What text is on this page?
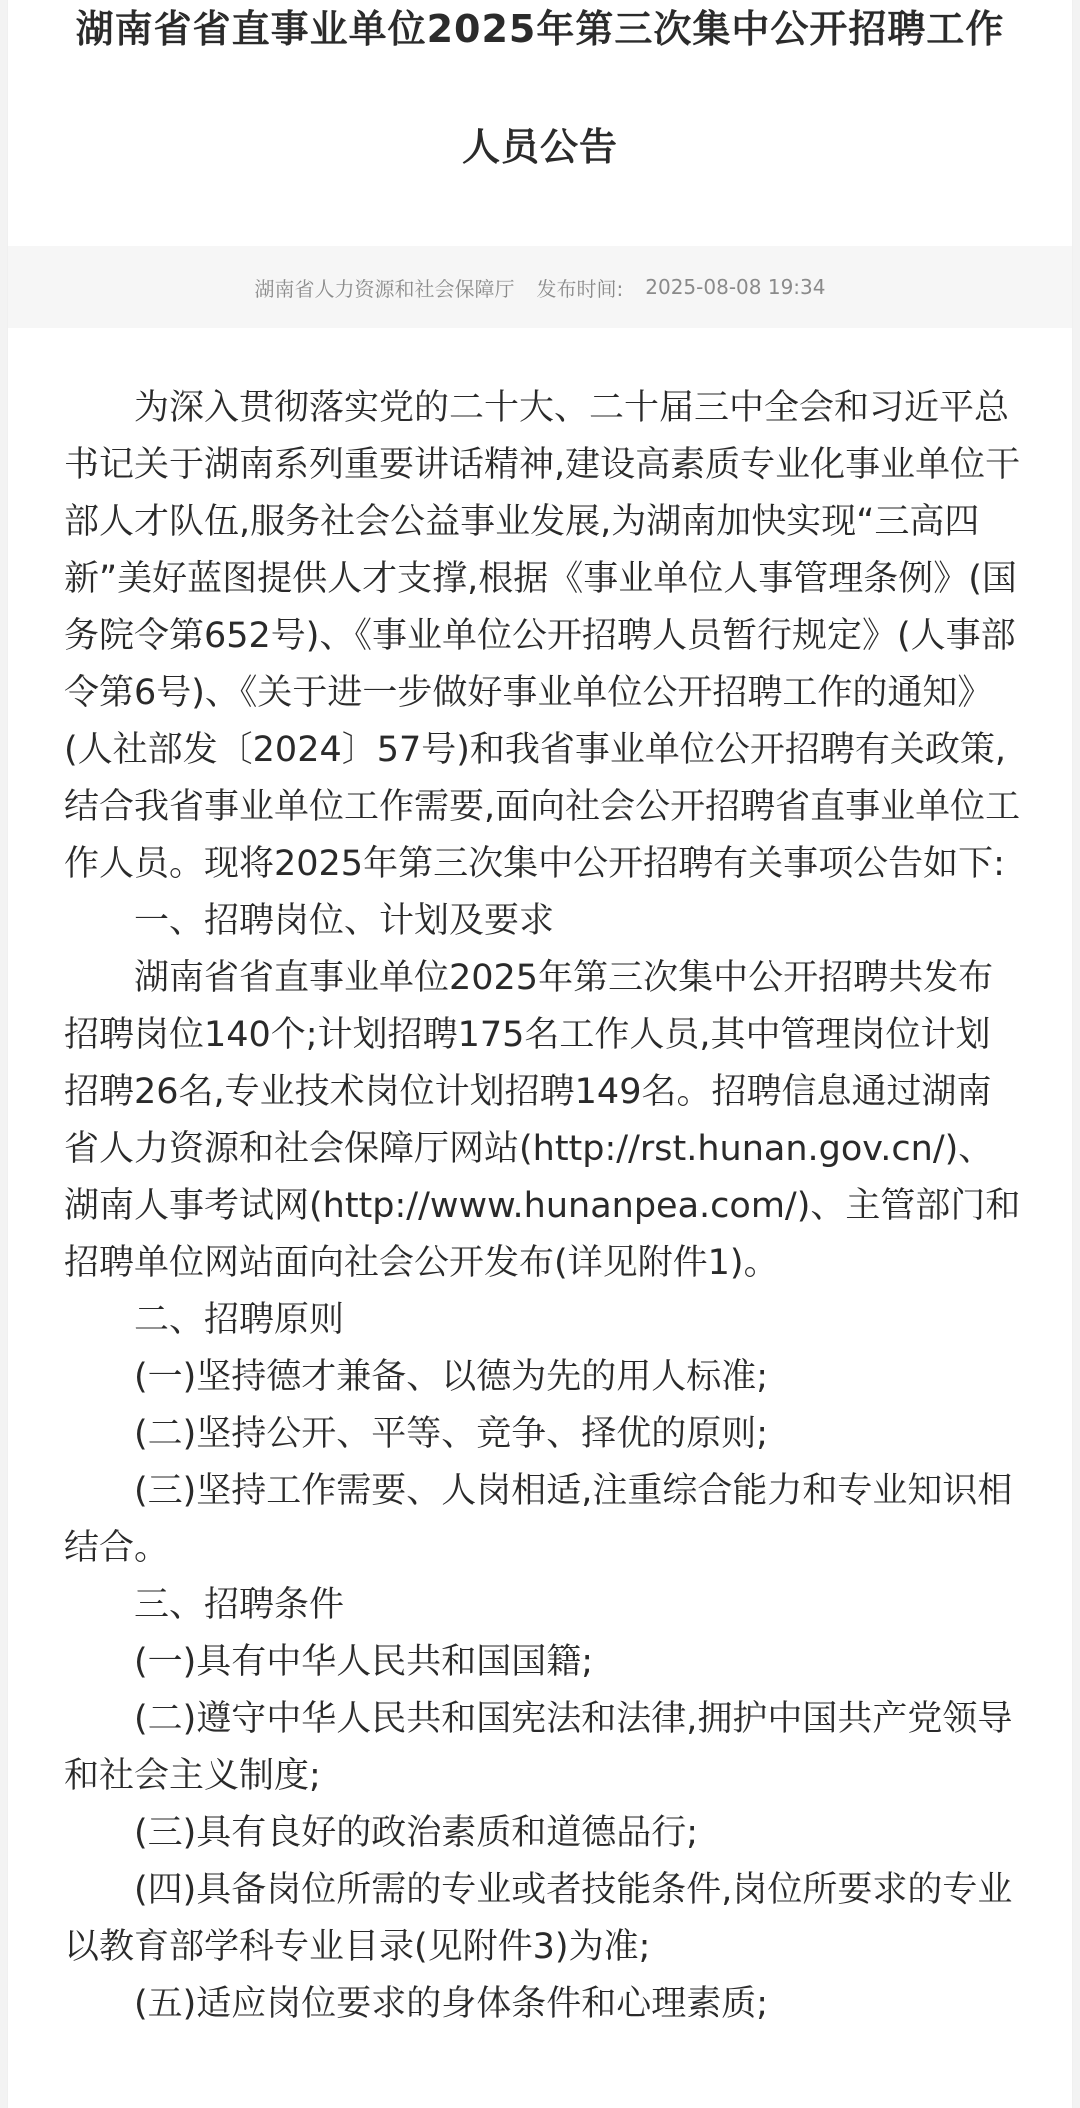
湖南省省直事业单位2025年第三次集中公开招聘工作
人员公告
湖南省人力资源和社会保障厅 发布时间: 2025-08-08 19:34

为深入贯彻落实党的二十大、二十届三中全会和习近平总书记关于湖南系列重要讲话精神,建设高素质专业化事业单位干部人才队伍,服务社会公益事业发展,为湖南加快实现“三高四新”美好蓝图提供人才支撑,根据《事业单位人事管理条例》(国务院令第652号)、《事业单位公开招聘人员暂行规定》(人事部令第6号)、《关于进一步做好事业单位公开招聘工作的通知》(人社部发〔2024〕57号)和我省事业单位公开招聘有关政策,结合我省事业单位工作需要,面向社会公开招聘省直事业单位工作人员。现将2025年第三次集中公开招聘有关事项公告如下:

一、招聘岗位、计划及要求

湖南省省直事业单位2025年第三次集中公开招聘共发布招聘岗位140个;计划招聘175名工作人员,其中管理岗位计划招聘26名,专业技术岗位计划招聘149名。招聘信息通过湖南省人力资源和社会保障厅网站(http://rst.hunan.gov.cn/)、湖南人事考试网(http://www.hunanpea.com/)、主管部门和招聘单位网站面向社会公开发布(详见附件1)。

二、招聘原则

(一)坚持德才兼备、以德为先的用人标准;

(二)坚持公开、平等、竞争、择优的原则;

(三)坚持工作需要、人岗相适,注重综合能力和专业知识相结合。

三、招聘条件

(一)具有中华人民共和国国籍;

(二)遵守中华人民共和国宪法和法律,拥护中国共产党领导和社会主义制度;

(三)具有良好的政治素质和道德品行;

(四)具备岗位所需的专业或者技能条件,岗位所要求的专业以教育部学科专业目录(见附件3)为准;

(五)适应岗位要求的身体条件和心理素质;
